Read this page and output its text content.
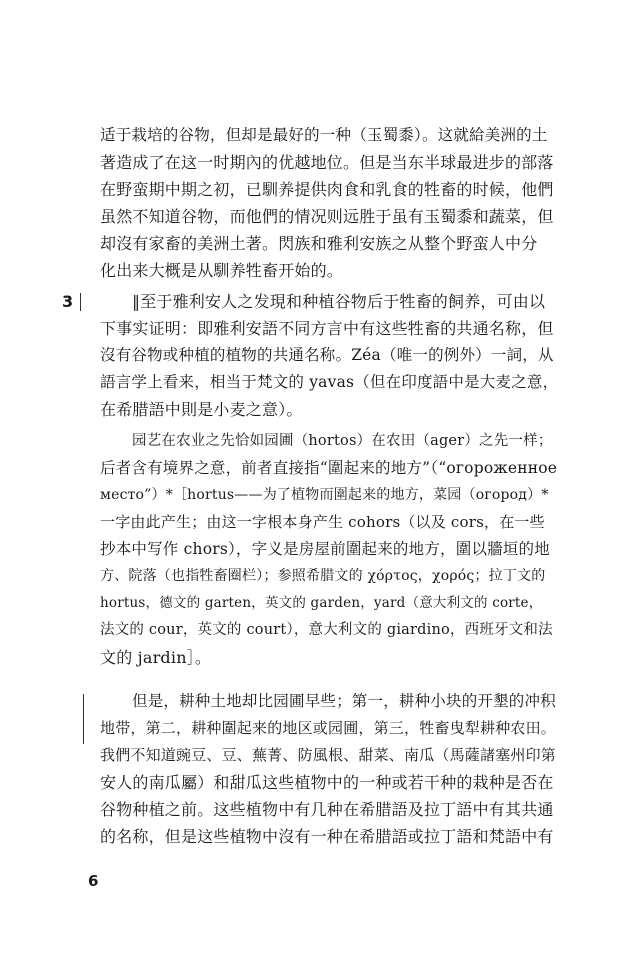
适于栽培的谷物，但却是最好的一种（玉蜀黍）。这就給美洲的土
著造成了在这一时期內的优越地位。但是当东半球最进步的部落
在野蛮期中期之初，已馴养提供肉食和乳食的牲畜的时候，他們
虽然不知道谷物，而他們的情况则远胜于虽有玉蜀黍和蔬菜，但
却沒有家畜的美洲土著。閃族和雅利安族之从整个野蛮人中分
化出来大概是从馴养牲畜开始的。
3	‖至于雅利安人之发現和种植谷物后于牲畜的飼养，可由以
下事实证明：即雅利安語不同方言中有这些牲畜的共通名称，但
沒有谷物或种植的植物的共通名称。Zéa（唯一的例外）一詞，从
語言学上看来，相当于梵文的 yavas（但在印度語中是大麦之意，
在希腊語中則是小麦之意）。
园艺在农业之先恰如园圃（hortos）在农田（ager）之先一样；
后者含有境界之意，前者直接指“圍起来的地方”（“огороженное
место”）*［hortus——为了植物而圍起来的地方，菜园（огород）*
一字由此产生；由这一字根本身产生 cohors（以及 cors，在一些
抄本中写作 chors），字义是房屋前圍起来的地方，圍以牆垣的地
方、院落（也指牲畜圈栏）；参照希腊文的 χόρτος，χορός；拉丁文的
hortus，德文的 garten，英文的 garden，yard（意大利文的 corte，
法文的 cour，英文的 court），意大利文的 giardino，西班牙文和法
文的 jardin］。
但是，耕种土地却比园圃早些；第一，耕种小块的开墾的冲积
地带，第二，耕种圍起来的地区或园圃，第三，牲畜曳犁耕种农田。
我們不知道豌豆、豆、蕪菁、防風根、甜菜、南瓜（馬薩諸塞州印第
安人的南瓜屬）和甜瓜这些植物中的一种或若干种的栽种是否在
谷物种植之前。这些植物中有几种在希腊語及拉丁語中有其共通
的名称，但是这些植物中沒有一种在希腊語或拉丁語和梵語中有
6
